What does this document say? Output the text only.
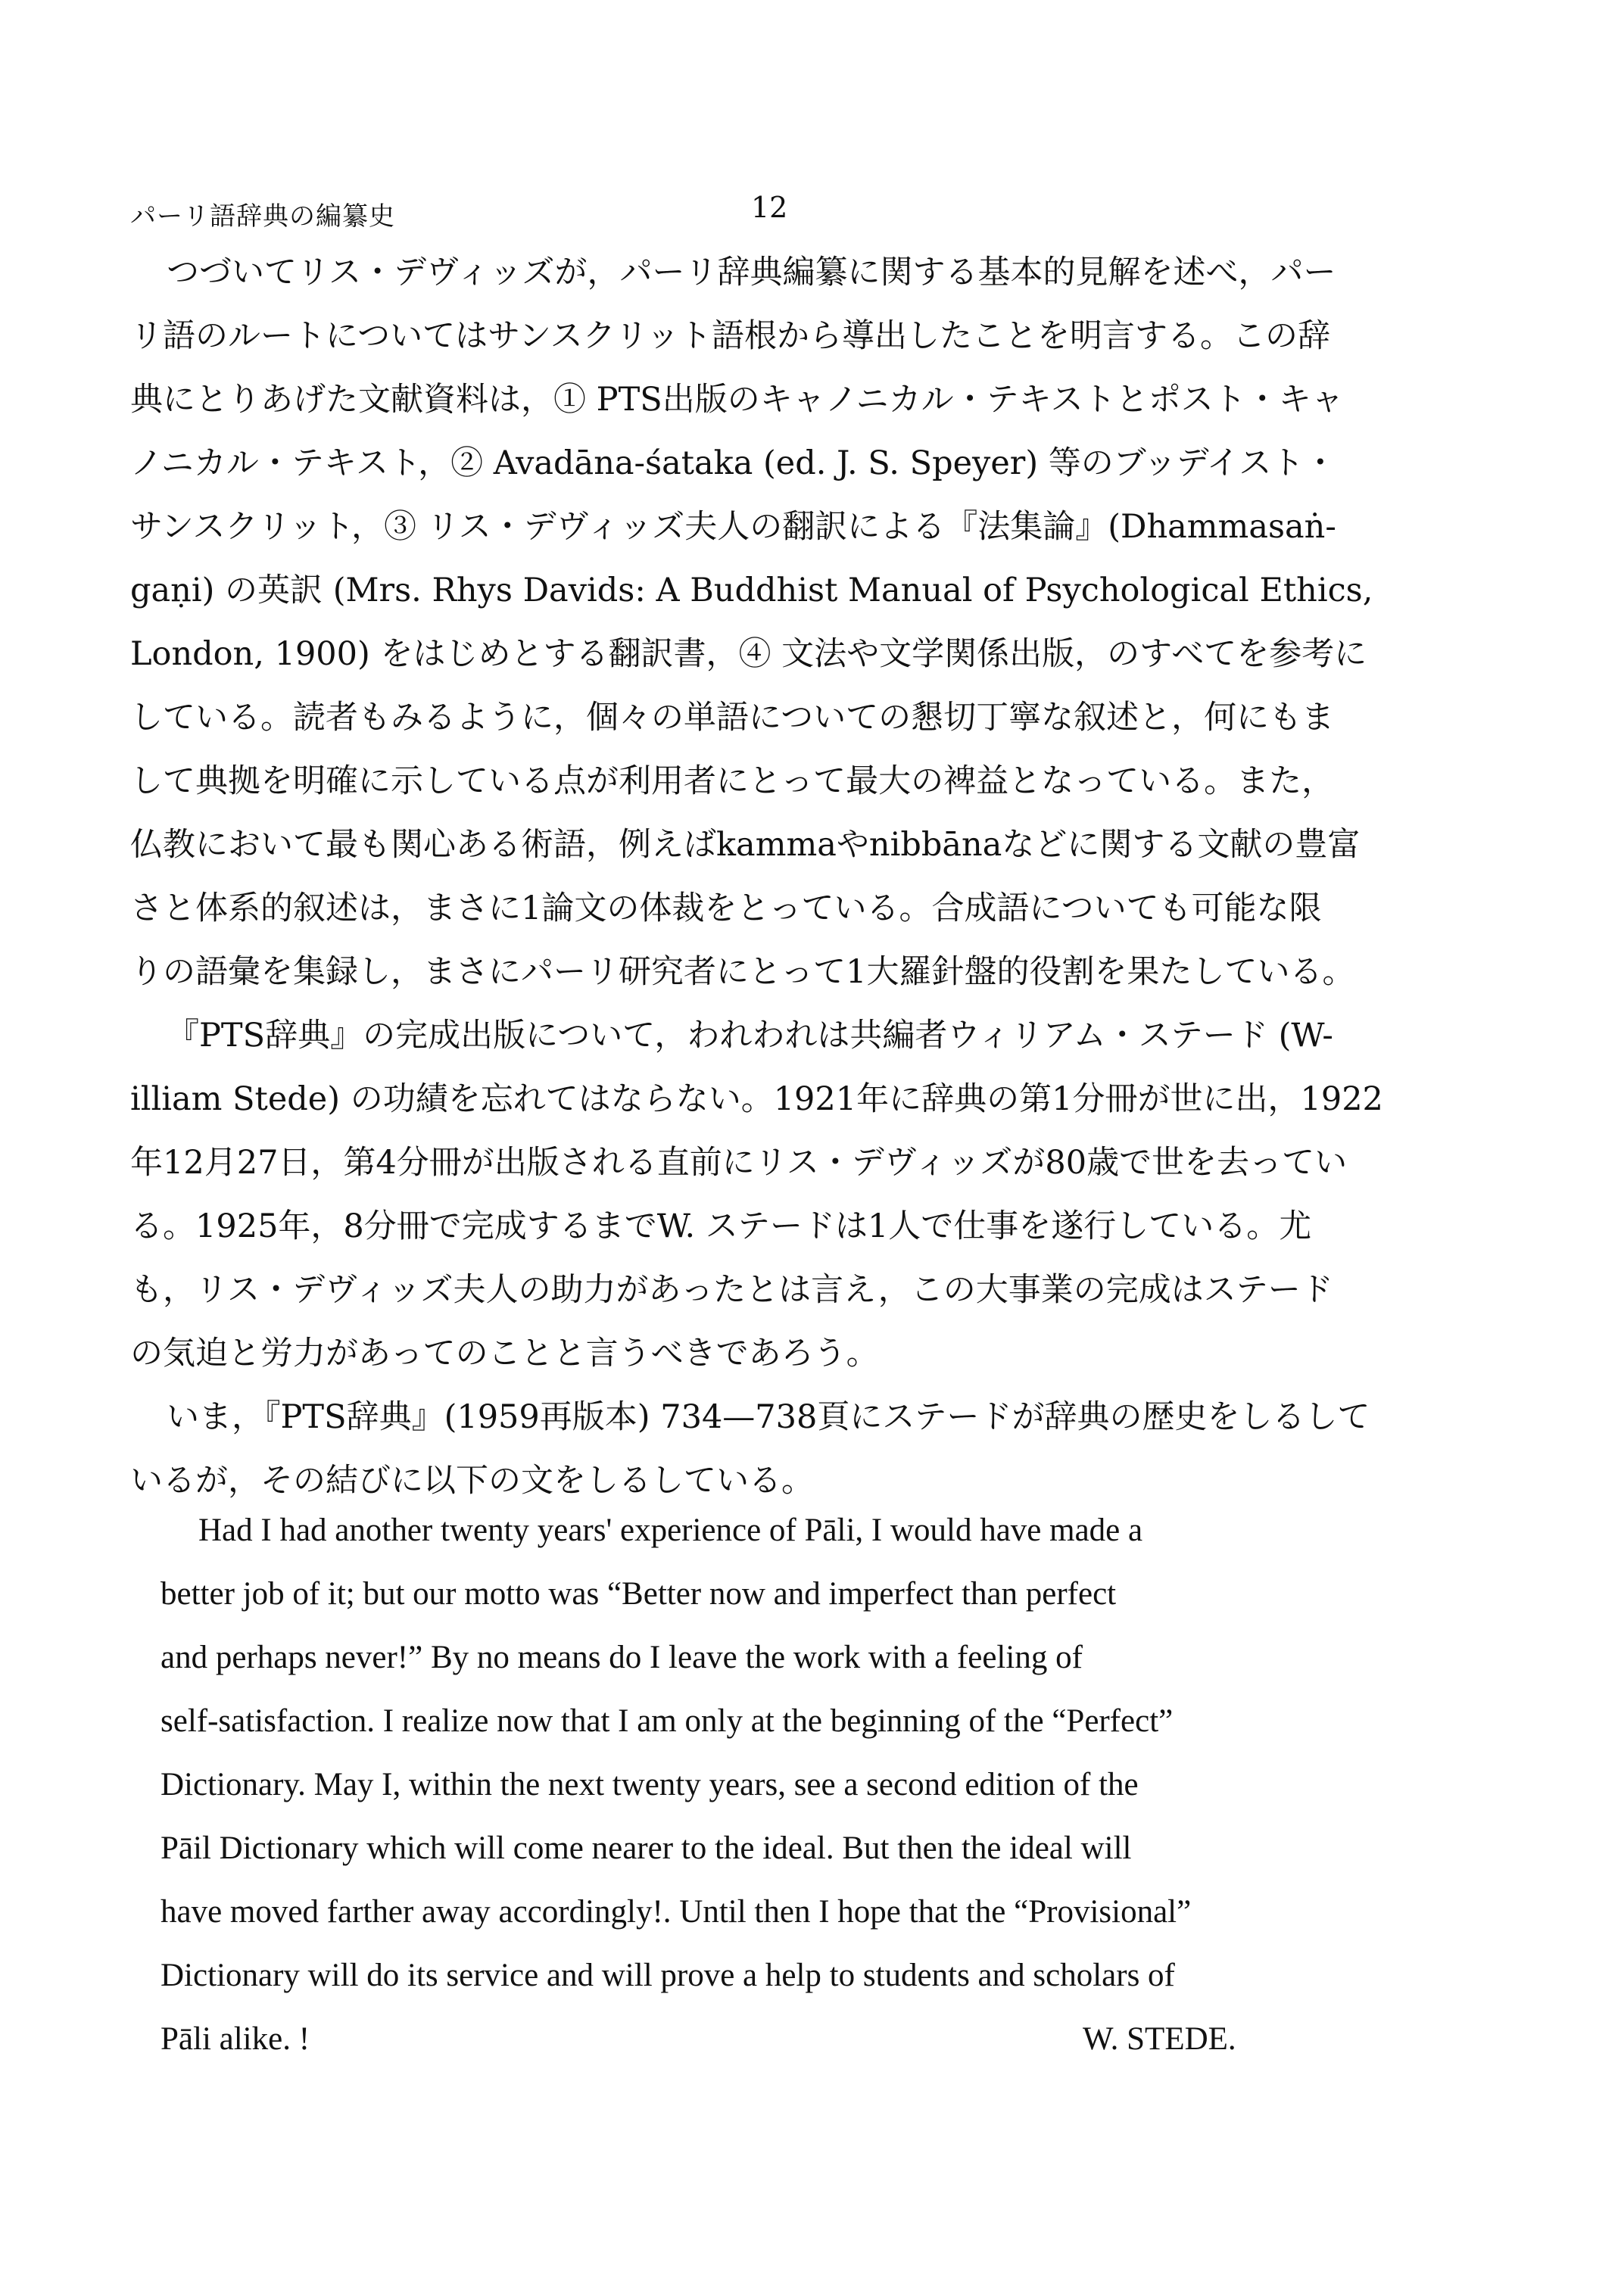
パーリ語辞典の編纂史	12
つづいてリス・デヴィッズが，パーリ辞典編纂に関する基本的見解を述べ，パー
リ語のルートについてはサンスクリット語根から導出したことを明言する。この辞
典にとりあげた文献資料は，① PTS出版のキャノニカル・テキストとポスト・キャ
ノニカル・テキスト，② Avadāna-śataka (ed. J. S. Speyer) 等のブッデイスト・
サンスクリット，③ リス・デヴィッズ夫人の翻訳による『法集論』(Dhammasaṅ-
gaṇi) の英訳 (Mrs. Rhys Davids: A Buddhist Manual of Psychological Ethics,
London, 1900) をはじめとする翻訳書，④ 文法や文学関係出版，のすべてを参考に
している。読者もみるように，個々の単語についての懇切丁寧な叙述と，何にもま
して典拠を明確に示している点が利用者にとって最大の裨益となっている。また，
仏教において最も関心ある術語，例えばkammaやnibbānaなどに関する文献の豊富
さと体系的叙述は，まさに1論文の体裁をとっている。合成語についても可能な限
りの語彙を集録し，まさにパーリ研究者にとって1大羅針盤的役割を果たしている。
『PTS辞典』の完成出版について，われわれは共編者ウィリアム・ステード (W-
illiam Stede) の功績を忘れてはならない。1921年に辞典の第1分冊が世に出，1922
年12月27日，第4分冊が出版される直前にリス・デヴィッズが80歳で世を去ってい
る。1925年，8分冊で完成するまでW. ステードは1人で仕事を遂行している。尤
も，リス・デヴィッズ夫人の助力があったとは言え，この大事業の完成はステード
の気迫と労力があってのことと言うべきであろう。
いま，『PTS辞典』(1959再版本) 734—738頁にステードが辞典の歴史をしるして
いるが，その結びに以下の文をしるしている。
Had I had another twenty years' experience of Pāli, I would have made a
better job of it; but our motto was “Better now and imperfect than perfect
and perhaps never!” By no means do I leave the work with a feeling of
self-satisfaction. I realize now that I am only at the beginning of the “Perfect”
Dictionary. May I, within the next twenty years, see a second edition of the
Pāil Dictionary which will come nearer to the ideal. But then the ideal will
have moved farther away accordingly!. Until then I hope that the “Provisional”
Dictionary will do its service and will prove a help to students and scholars of
Pāli alike. !	W. STEDE.
